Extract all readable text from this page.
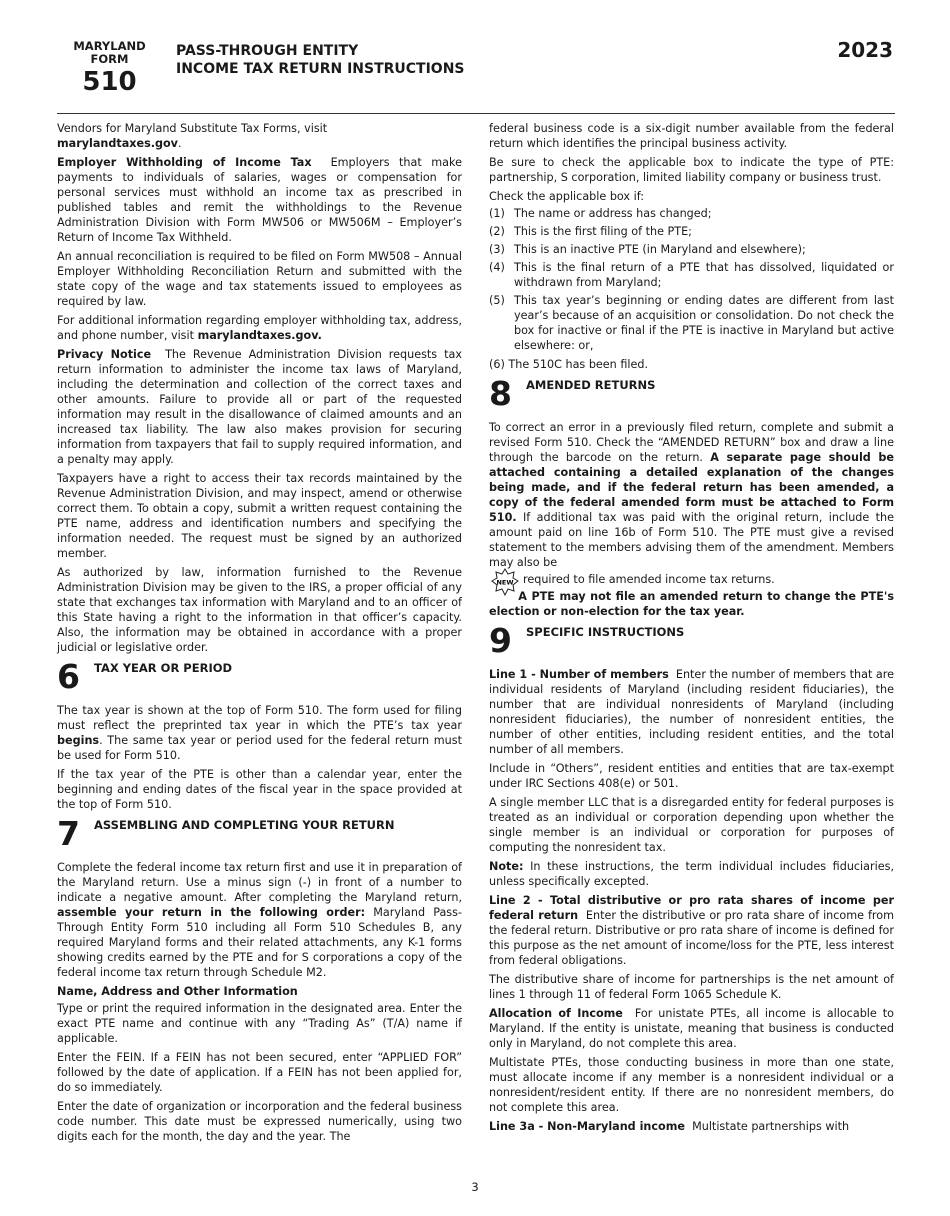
MARYLAND
FORM
510
PASS-THROUGH ENTITY
INCOME TAX RETURN INSTRUCTIONS
2023

Vendors for Maryland Substitute Tax Forms, visit
marylandtaxes.gov.

Employer Withholding of Income Tax Employers that make payments to individuals of salaries, wages or compensation for personal services must withhold an income tax as prescribed in published tables and remit the withholdings to the Revenue Administration Division with Form MW506 or MW506M – Employer’s Return of Income Tax Withheld.

An annual reconciliation is required to be filed on Form MW508 – Annual Employer Withholding Reconciliation Return and submitted with the state copy of the wage and tax statements issued to employees as required by law.

For additional information regarding employer withholding tax, address, and phone number, visit marylandtaxes.gov.

Privacy Notice The Revenue Administration Division requests tax return information to administer the income tax laws of Maryland, including the determination and collection of the correct taxes and other amounts. Failure to provide all or part of the requested information may result in the disallowance of claimed amounts and an increased tax liability. The law also makes provision for securing information from taxpayers that fail to supply required information, and a penalty may apply.

Taxpayers have a right to access their tax records maintained by the Revenue Administration Division, and may inspect, amend or otherwise correct them. To obtain a copy, submit a written request containing the PTE name, address and identification numbers and specifying the information needed. The request must be signed by an authorized member.

As authorized by law, information furnished to the Revenue Administration Division may be given to the IRS, a proper official of any state that exchanges tax information with Maryland and to an officer of this State having a right to the information in that officer’s capacity. Also, the information may be obtained in accordance with a proper judicial or legislative order.

6 TAX YEAR OR PERIOD

The tax year is shown at the top of Form 510. The form used for filing must reflect the preprinted tax year in which the PTE’s tax year begins. The same tax year or period used for the federal return must be used for Form 510.

If the tax year of the PTE is other than a calendar year, enter the beginning and ending dates of the fiscal year in the space provided at the top of Form 510.

7 ASSEMBLING AND COMPLETING YOUR RETURN

Complete the federal income tax return first and use it in preparation of the Maryland return. Use a minus sign (-) in front of a number to indicate a negative amount. After completing the Maryland return, assemble your return in the following order: Maryland Pass-Through Entity Form 510 including all Form 510 Schedules B, any required Maryland forms and their related attachments, any K-1 forms showing credits earned by the PTE and for S corporations a copy of the federal income tax return through Schedule M2.

Name, Address and Other Information

Type or print the required information in the designated area. Enter the exact PTE name and continue with any “Trading As” (T/A) name if applicable.

Enter the FEIN. If a FEIN has not been secured, enter “APPLIED FOR” followed by the date of application. If a FEIN has not been applied for, do so immediately.

Enter the date of organization or incorporation and the federal business code number. This date must be expressed numerically, using two digits each for the month, the day and the year. The

federal business code is a six-digit number available from the federal return which identifies the principal business activity.

Be sure to check the applicable box to indicate the type of PTE: partnership, S corporation, limited liability company or business trust.

Check the applicable box if:

(1) The name or address has changed;
(2) This is the first filing of the PTE;
(3) This is an inactive PTE (in Maryland and elsewhere);
(4) This is the final return of a PTE that has dissolved, liquidated or withdrawn from Maryland;
(5) This tax year’s beginning or ending dates are different from last year’s because of an acquisition or consolidation. Do not check the box for inactive or final if the PTE is inactive in Maryland but active elsewhere: or,

(6) The 510C has been filed.

8 AMENDED RETURNS

To correct an error in a previously filed return, complete and submit a revised Form 510. Check the “AMENDED RETURN” box and draw a line through the barcode on the return. A separate page should be attached containing a detailed explanation of the changes being made, and if the federal return has been amended, a copy of the federal amended form must be attached to Form 510. If additional tax was paid with the original return, include the amount paid on line 16b of Form 510. The PTE must give a revised statement to the members advising them of the amendment. Members may also be

NEW required to file amended income tax returns.

A PTE may not file an amended return to change the PTE's election or non-election for the tax year.

9 SPECIFIC INSTRUCTIONS

Line 1 - Number of members Enter the number of members that are individual residents of Maryland (including resident fiduciaries), the number that are individual nonresidents of Maryland (including nonresident fiduciaries), the number of nonresident entities, the number of other entities, including resident entities, and the total number of all members.

Include in “Others”, resident entities and entities that are tax-exempt under IRC Sections 408(e) or 501.

A single member LLC that is a disregarded entity for federal purposes is treated as an individual or corporation depending upon whether the single member is an individual or corporation for purposes of computing the nonresident tax.

Note: In these instructions, the term individual includes fiduciaries, unless specifically excepted.

Line 2 - Total distributive or pro rata shares of income per federal return Enter the distributive or pro rata share of income from the federal return. Distributive or pro rata share of income is defined for this purpose as the net amount of income/loss for the PTE, less interest from federal obligations.

The distributive share of income for partnerships is the net amount of lines 1 through 11 of federal Form 1065 Schedule K.

Allocation of Income For unistate PTEs, all income is allocable to Maryland. If the entity is unistate, meaning that business is conducted only in Maryland, do not complete this area.

Multistate PTEs, those conducting business in more than one state, must allocate income if any member is a nonresident individual or a nonresident/resident entity. If there are no nonresident members, do not complete this area.

Line 3a - Non-Maryland income Multistate partnerships with

3
